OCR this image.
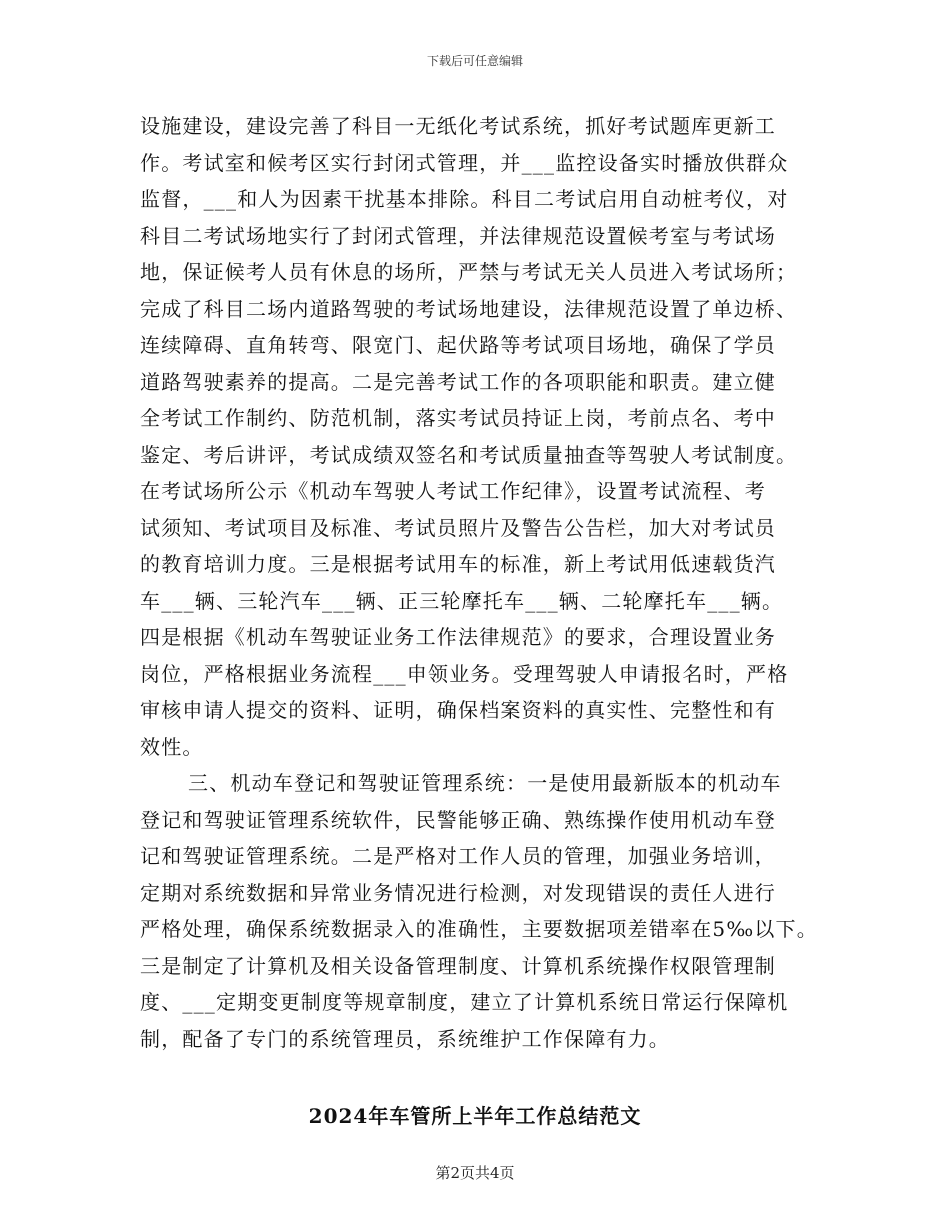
下载后可任意编辑
设施建设，建设完善了科目一无纸化考试系统，抓好考试题库更新工
作。考试室和候考区实行封闭式管理，并___监控设备实时播放供群众
监督，___和人为因素干扰基本排除。科目二考试启用自动桩考仪，对
科目二考试场地实行了封闭式管理，并法律规范设置候考室与考试场
地，保证候考人员有休息的场所，严禁与考试无关人员进入考试场所；
完成了科目二场内道路驾驶的考试场地建设，法律规范设置了单边桥、
连续障碍、直角转弯、限宽门、起伏路等考试项目场地，确保了学员
道路驾驶素养的提高。二是完善考试工作的各项职能和职责。建立健
全考试工作制约、防范机制，落实考试员持证上岗，考前点名、考中
鉴定、考后讲评，考试成绩双签名和考试质量抽查等驾驶人考试制度。
在考试场所公示《机动车驾驶人考试工作纪律》，设置考试流程、考
试须知、考试项目及标准、考试员照片及警告公告栏，加大对考试员
的教育培训力度。三是根据考试用车的标准，新上考试用低速载货汽
车___辆、三轮汽车___辆、正三轮摩托车___辆、二轮摩托车___辆。
四是根据《机动车驾驶证业务工作法律规范》的要求，合理设置业务
岗位，严格根据业务流程___申领业务。受理驾驶人申请报名时，严格
审核申请人提交的资料、证明，确保档案资料的真实性、完整性和有
效性。
三、机动车登记和驾驶证管理系统：一是使用最新版本的机动车
登记和驾驶证管理系统软件，民警能够正确、熟练操作使用机动车登
记和驾驶证管理系统。二是严格对工作人员的管理，加强业务培训，
定期对系统数据和异常业务情况进行检测，对发现错误的责任人进行
严格处理，确保系统数据录入的准确性，主要数据项差错率在5‰以下。
三是制定了计算机及相关设备管理制度、计算机系统操作权限管理制
度、___定期变更制度等规章制度，建立了计算机系统日常运行保障机
制，配备了专门的系统管理员，系统维护工作保障有力。
2024年车管所上半年工作总结范文
第2页共4页
